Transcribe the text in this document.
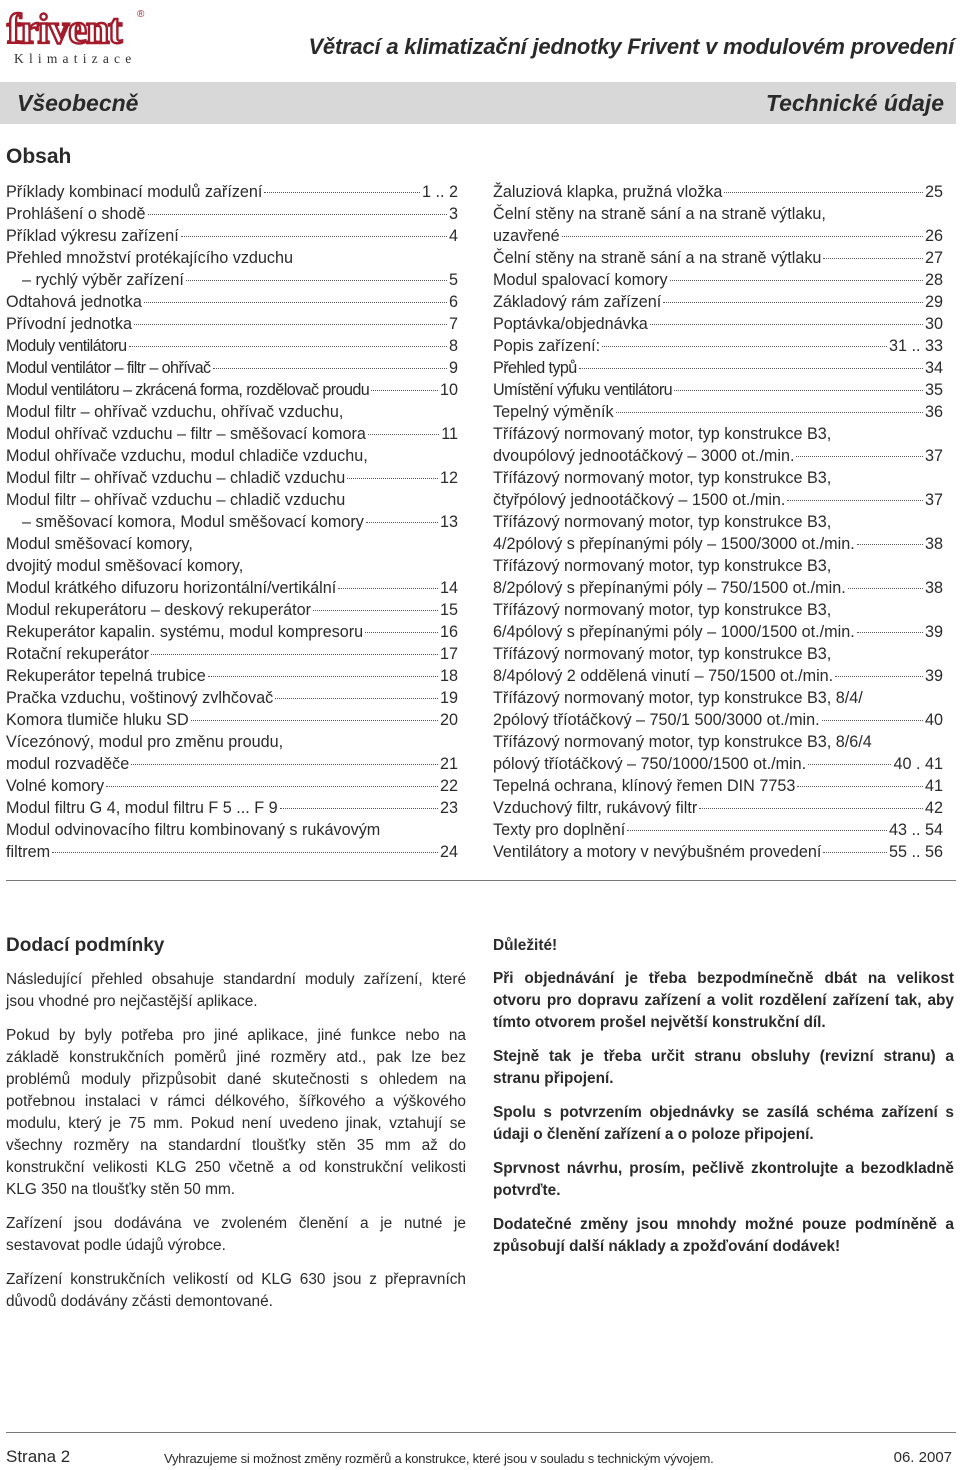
frivent ®
Klimatizace	Větrací a klimatizační jednotky Frivent v modulovém provedení
Všeobecně	Technické údaje
Obsah
Příklady kombinací modulů zařízení	1 .. 2
Prohlášení o shodě	3
Příklad výkresu zařízení	4
Přehled množství protékajícího vzduchu
– rychlý výběr zařízení	5
Odtahová jednotka	6
Přívodní jednotka	7
Moduly ventilátoru	8
Modul ventilátor – filtr – ohřívač	9
Modul ventilátoru – zkrácená forma, rozdělovač proudu	10
Modul filtr – ohřívač vzduchu, ohřívač vzduchu,
Modul ohřívač vzduchu – filtr – směšovací komora	11
Modul ohřívače vzduchu, modul chladiče vzduchu,
Modul filtr – ohřívač vzduchu – chladič vzduchu	12
Modul filtr – ohřívač vzduchu – chladič vzduchu
– směšovací komora, Modul směšovací komory	13
Modul směšovací komory,
dvojitý modul směšovací komory,
Modul krátkého difuzoru horizontální/vertikální	14
Modul rekuperátoru – deskový rekuperátor	15
Rekuperátor kapalin. systému, modul kompresoru	16
Rotační rekuperátor	17
Rekuperátor tepelná trubice	18
Pračka vzduchu, voštinový zvlhčovač	19
Komora tlumiče hluku SD	20
Vícezónový, modul pro změnu proudu,
modul rozvaděče	21
Volné komory	22
Modul filtru G 4, modul filtru F 5 ... F 9	23
Modul odvinovacího filtru kombinovaný s rukávovým
filtrem	24
Žaluziová klapka, pružná vložka	25
Čelní stěny na straně sání a na straně výtlaku,
uzavřené	26
Čelní stěny na straně sání a na straně výtlaku	27
Modul spalovací komory	28
Základový rám zařízení	29
Poptávka/objednávka	30
Popis zařízení:	31 .. 33
Přehled typů	34
Umístění výfuku ventilátoru	35
Tepelný výměník	36
Třífázový normovaný motor, typ konstrukce B3,
dvoupólový jednootáčkový – 3000 ot./min.	37
Třífázový normovaný motor, typ konstrukce B3,
čtyřpólový jednootáčkový – 1500 ot./min.	37
Třífázový normovaný motor, typ konstrukce B3,
4/2pólový s přepínanými póly – 1500/3000 ot./min.	38
Třífázový normovaný motor, typ konstrukce B3,
8/2pólový s přepínanými póly – 750/1500 ot./min.	38
Třífázový normovaný motor, typ konstrukce B3,
6/4pólový s přepínanými póly – 1000/1500 ot./min.	39
Třífázový normovaný motor, typ konstrukce B3,
8/4pólový 2 oddělená vinutí – 750/1500 ot./min.	39
Třífázový normovaný motor, typ konstrukce B3, 8/4/
2pólový tříotáčkový – 750/1 500/3000 ot./min.	40
Třífázový normovaný motor, typ konstrukce B3, 8/6/4
pólový tříotáčkový – 750/1000/1500 ot./min.	40 . 41
Tepelná ochrana, klínový řemen DIN 7753	41
Vzduchový filtr, rukávový filtr	42
Texty pro doplnění	43 .. 54
Ventilátory a motory v nevýbušném provedení	55 .. 56
Dodací podmínky

Následující přehled obsahuje standardní moduly zařízení, které jsou vhodné pro nejčastější aplikace.

Pokud by byly potřeba pro jiné aplikace, jiné funkce nebo na základě konstrukčních poměrů jiné rozměry atd., pak lze bez problémů moduly přizpůsobit dané skutečnosti s ohledem na potřebnou instalaci v rámci délkového, šířkového a výškového modulu, který je 75 mm. Pokud není uvedeno jinak, vztahují se všechny rozměry na standardní tloušťky stěn 35 mm až do konstrukční velikosti KLG 250 včetně a od konstrukční velikosti KLG 350 na tloušťky stěn 50 mm.

Zařízení jsou dodávána ve zvoleném členění a je nutné je sestavovat podle údajů výrobce.

Zařízení konstrukčních velikostí od KLG 630 jsou z přepravních důvodů dodávány zčásti demontované.

Důležité!

Při objednávání je třeba bezpodmínečně dbát na velikost otvoru pro dopravu zařízení a volit rozdělení zařízení tak, aby tímto otvorem prošel největší konstrukční díl.

Stejně tak je třeba určit stranu obsluhy (revizní stranu) a stranu připojení.

Spolu s potvrzením objednávky se zasílá schéma zařízení s údaji o členění zařízení a o poloze připojení.

Sprvnost návrhu, prosím, pečlivě zkontrolujte a bezodkladně potvrďte.

Dodatečné změny jsou mnohdy možné pouze podmíněně a způsobují další náklady a zpožďování dodávek!

Strana 2	Vyhrazujeme si možnost změny rozměrů a konstrukce, které jsou v souladu s technickým vývojem.	06. 2007
